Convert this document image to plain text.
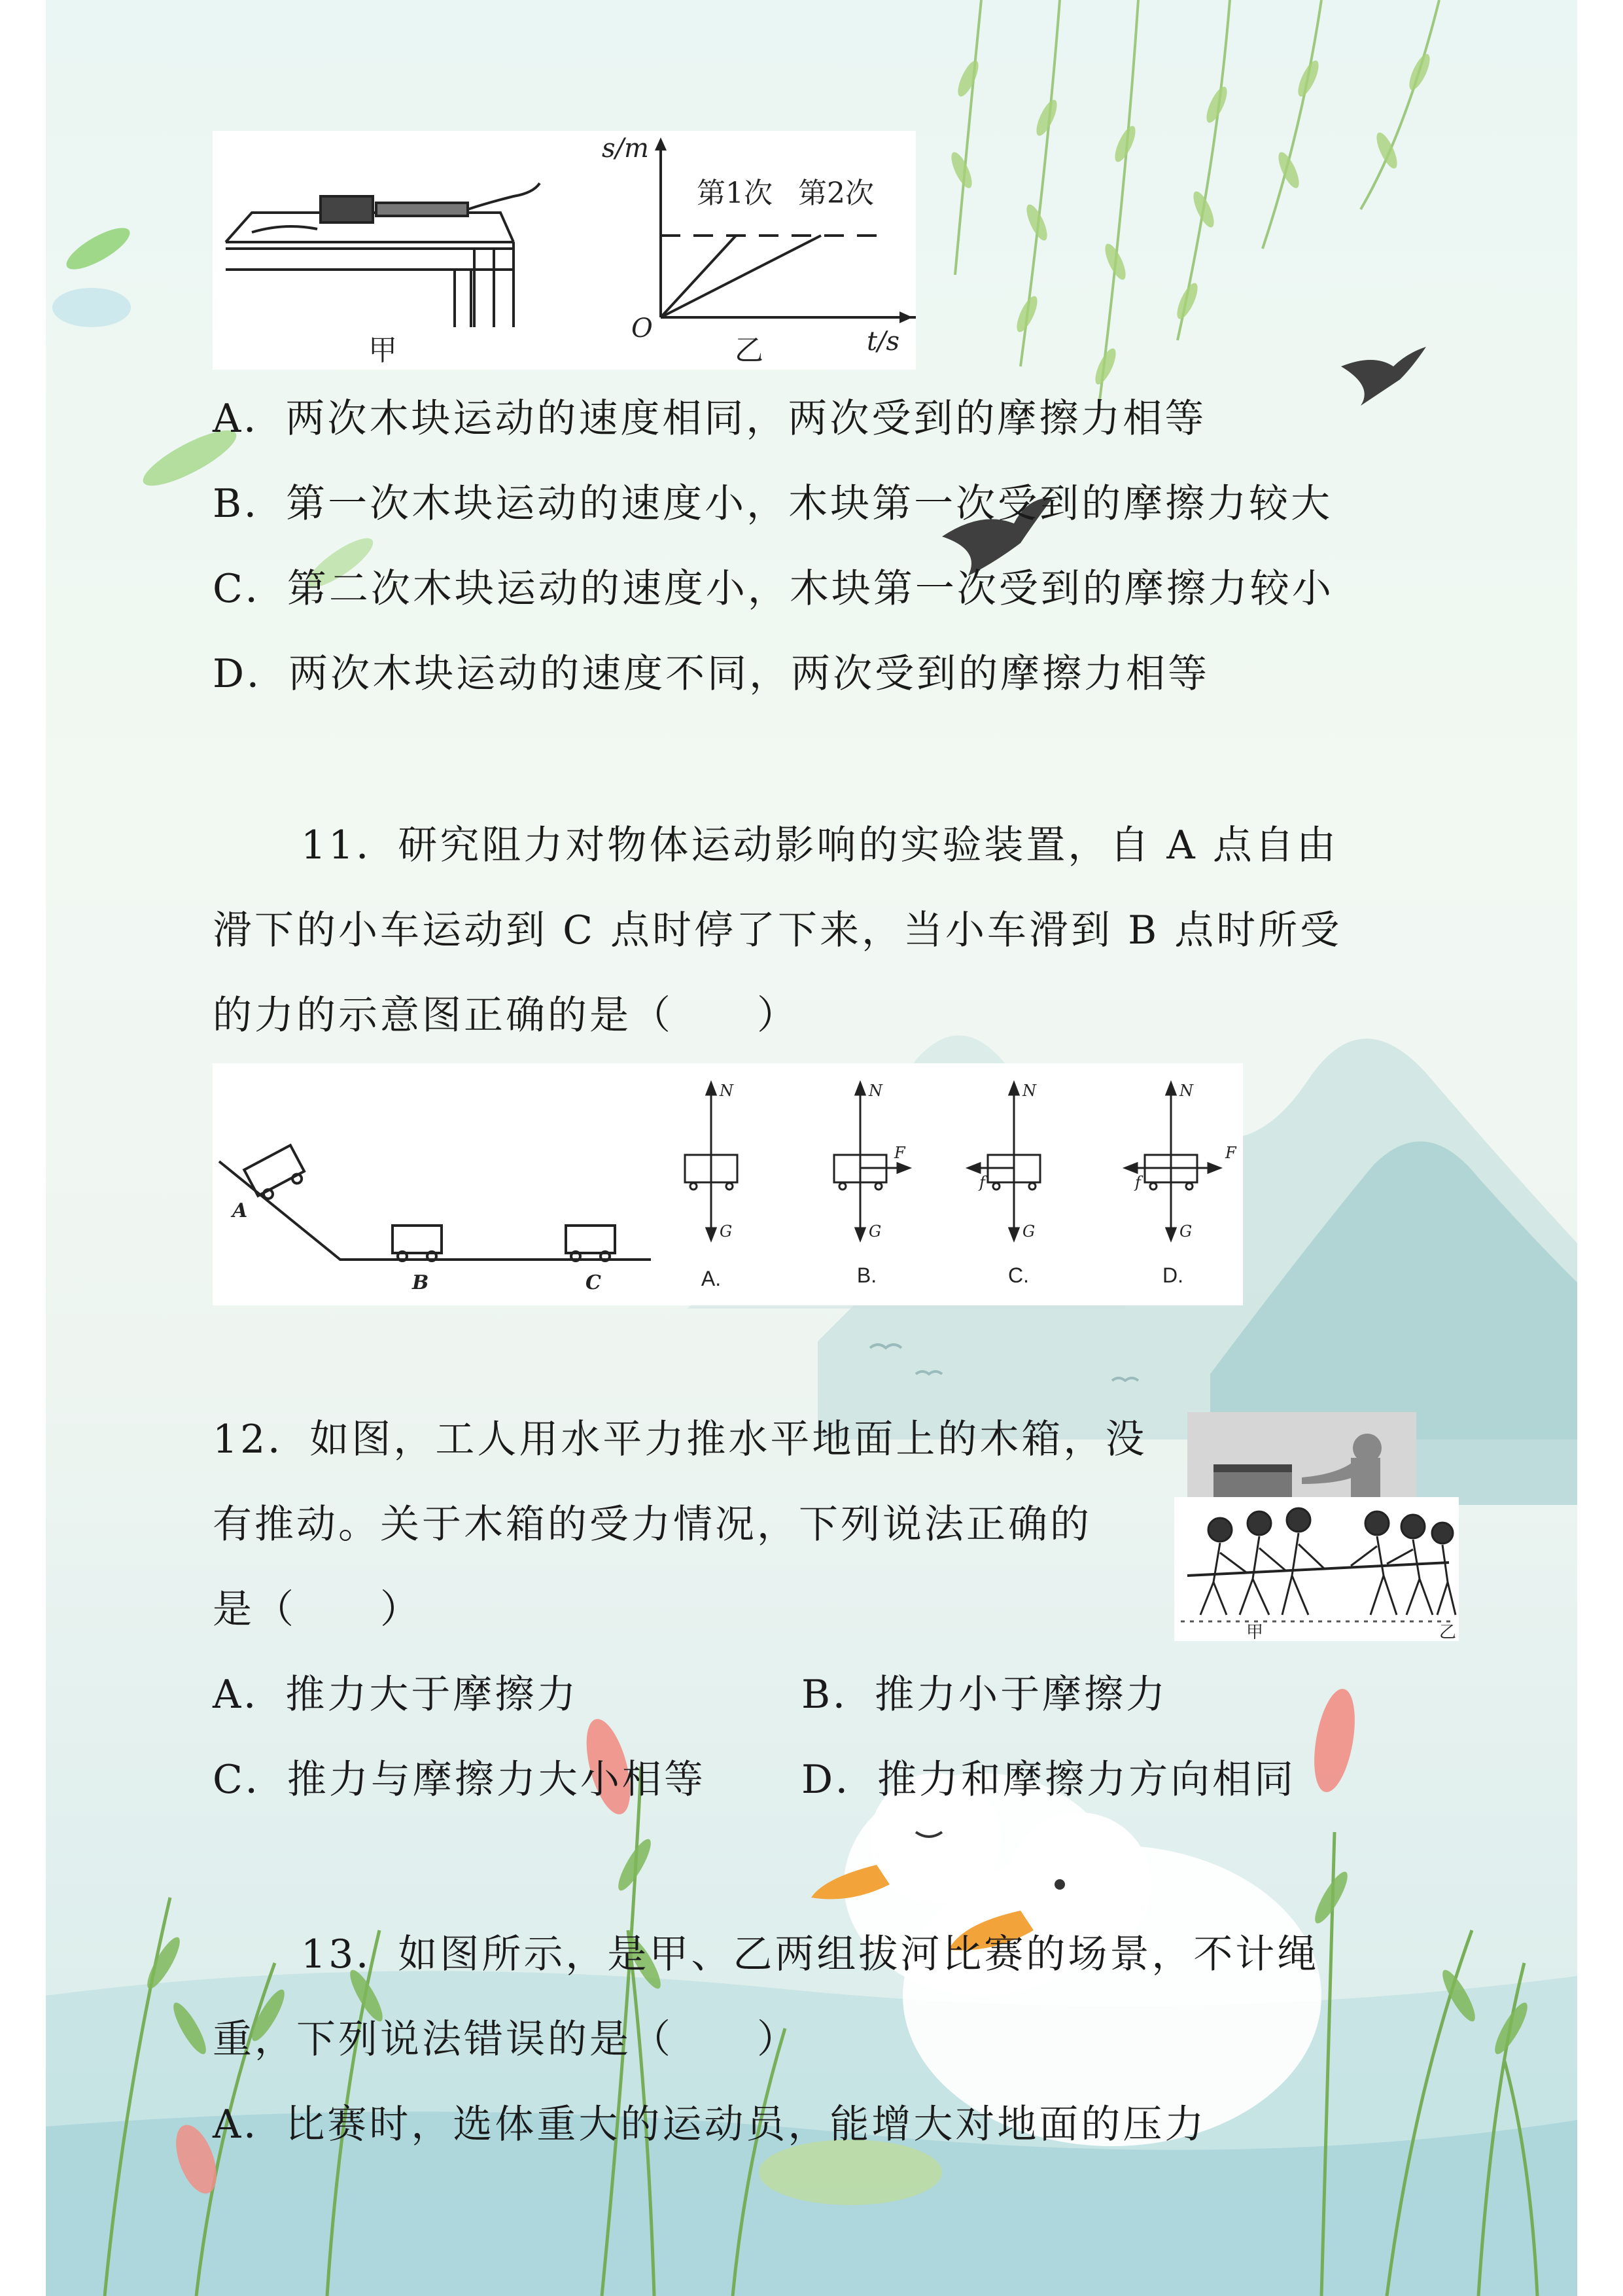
甲
s/m
t/s
O
第1次 第2次
乙
A．两次木块运动的速度相同，两次受到的摩擦力相等
B．第一次木块运动的速度小，木块第一次受到的摩擦力较大
C．第二次木块运动的速度小，木块第一次受到的摩擦力较小
D．两次木块运动的速度不同，两次受到的摩擦力相等
11．研究阻力对物体运动影响的实验装置，自 A 点自由
滑下的小车运动到 C 点时停了下来，当小车滑到 B 点时所受
的力的示意图正确的是（　　）
A
B	C
N
G
N
G
F
N
G
f
N
G
f
F
A.	B.	C.	D.
12．如图，工人用水平力推水平地面上的木箱，没
有推动。关于木箱的受力情况，下列说法正确的
是（　　）	甲	乙
A．推力大于摩擦力	B．推力小于摩擦力
C．推力与摩擦力大小相等 D．推力和摩擦力方向相同
13．如图所示，是甲、乙两组拔河比赛的场景，不计绳
重，下列说法错误的是（　　）
A．比赛时，选体重大的运动员，能增大对地面的压力
